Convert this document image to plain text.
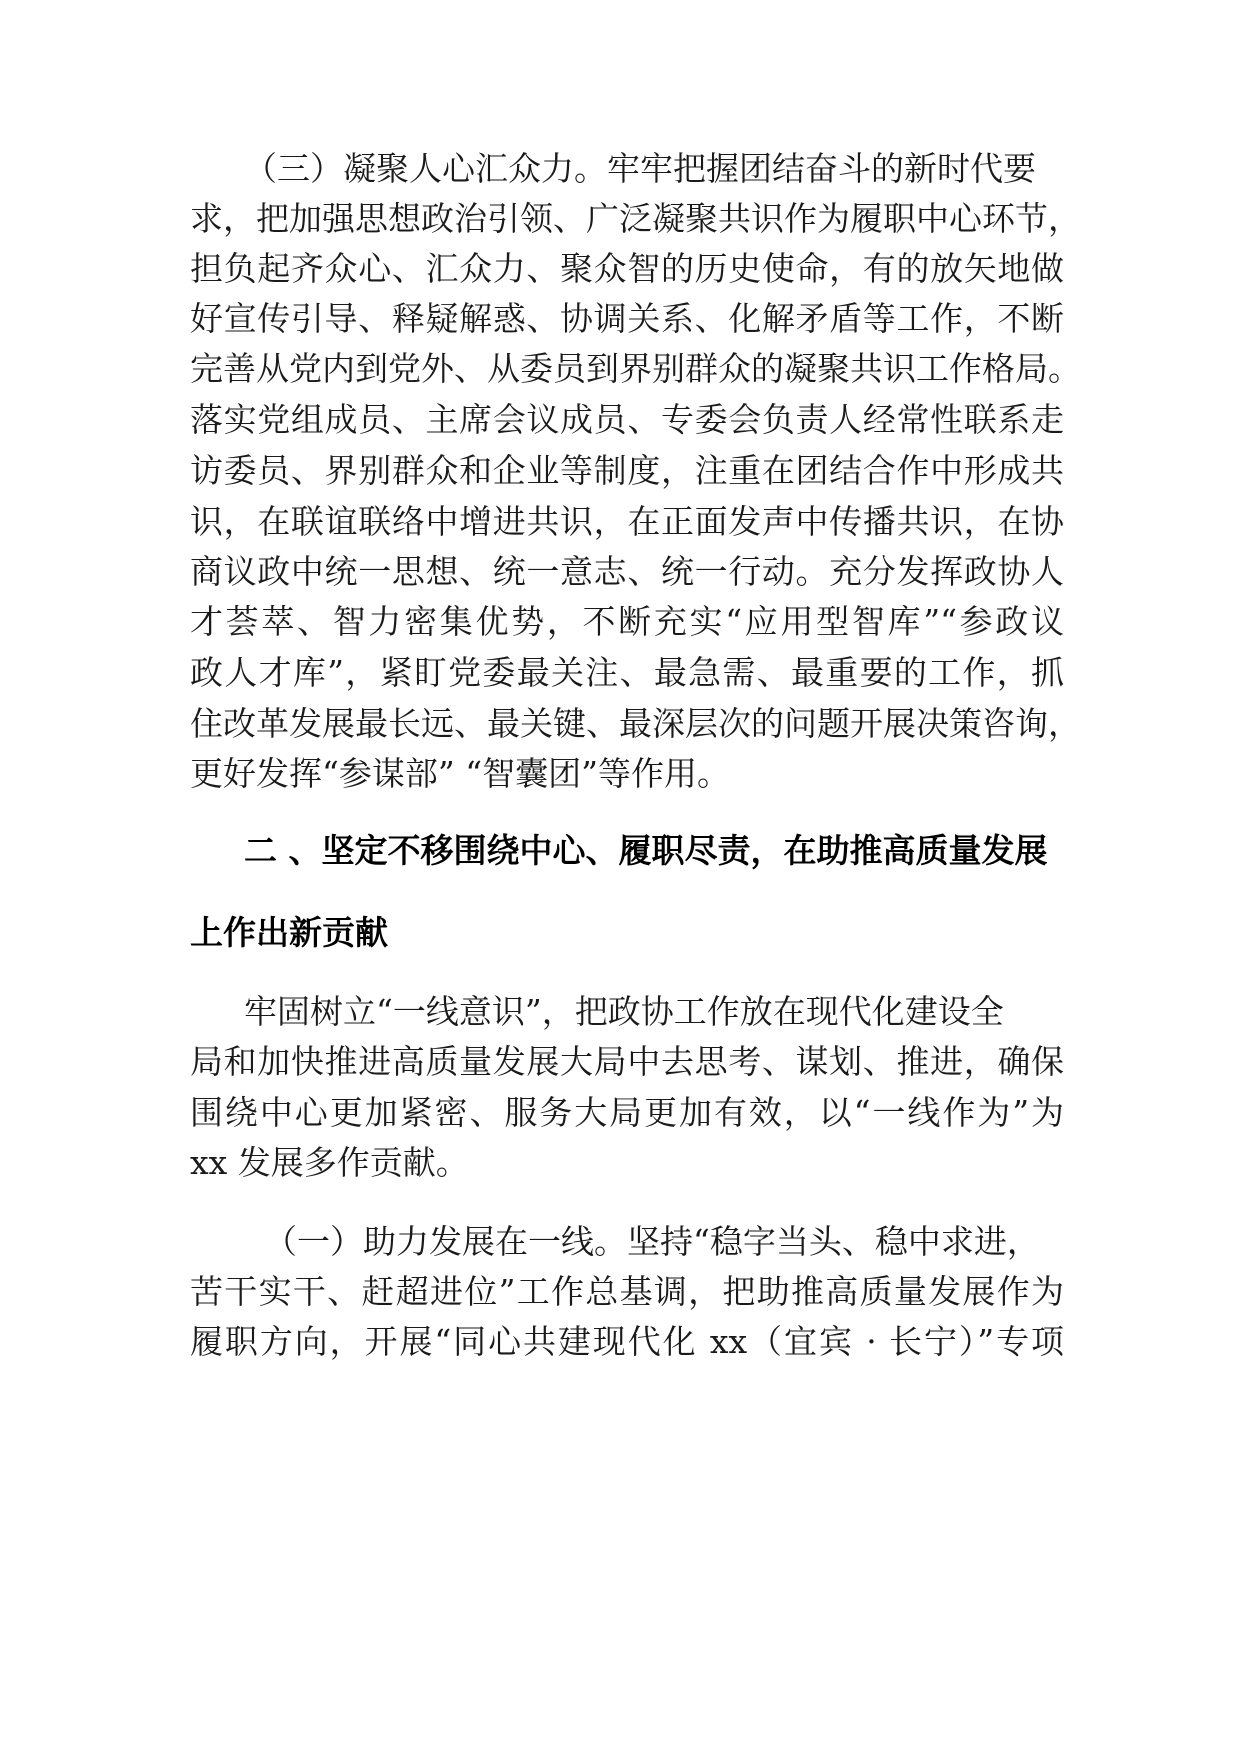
（三）凝聚人心汇众力。牢牢把握团结奋斗的新时代要
求，把加强思想政治引领、广泛凝聚共识作为履职中心环节，
担负起齐众心、汇众力、聚众智的历史使命，有的放矢地做
好宣传引导、释疑解惑、协调关系、化解矛盾等工作，不断
完善从党内到党外、从委员到界别群众的凝聚共识工作格局。
落实党组成员、主席会议成员、专委会负责人经常性联系走
访委员、界别群众和企业等制度，注重在团结合作中形成共
识，在联谊联络中增进共识，在正面发声中传播共识，在协
商议政中统一思想、统一意志、统一行动。充分发挥政协人
才荟萃、智力密集优势，不断充实“应用型智库”“参政议
政人才库”，紧盯党委最关注、最急需、最重要的工作，抓
住改革发展最长远、最关键、最深层次的问题开展决策咨询，
更好发挥“参谋部” “智囊团”等作用。
二 、坚定不移围绕中心、履职尽责，在助推高质量发展
上作出新贡献
牢固树立“一线意识”，把政协工作放在现代化建设全
局和加快推进高质量发展大局中去思考、谋划、推进，确保
围绕中心更加紧密、服务大局更加有效，以“一线作为”为
xx 发展多作贡献。
（一）助力发展在一线。坚持“稳字当头、稳中求进，
苦干实干、赶超进位”工作总基调，把助推高质量发展作为
履职方向，开展“同心共建现代化 xx（宜宾 · 长宁）”专项
